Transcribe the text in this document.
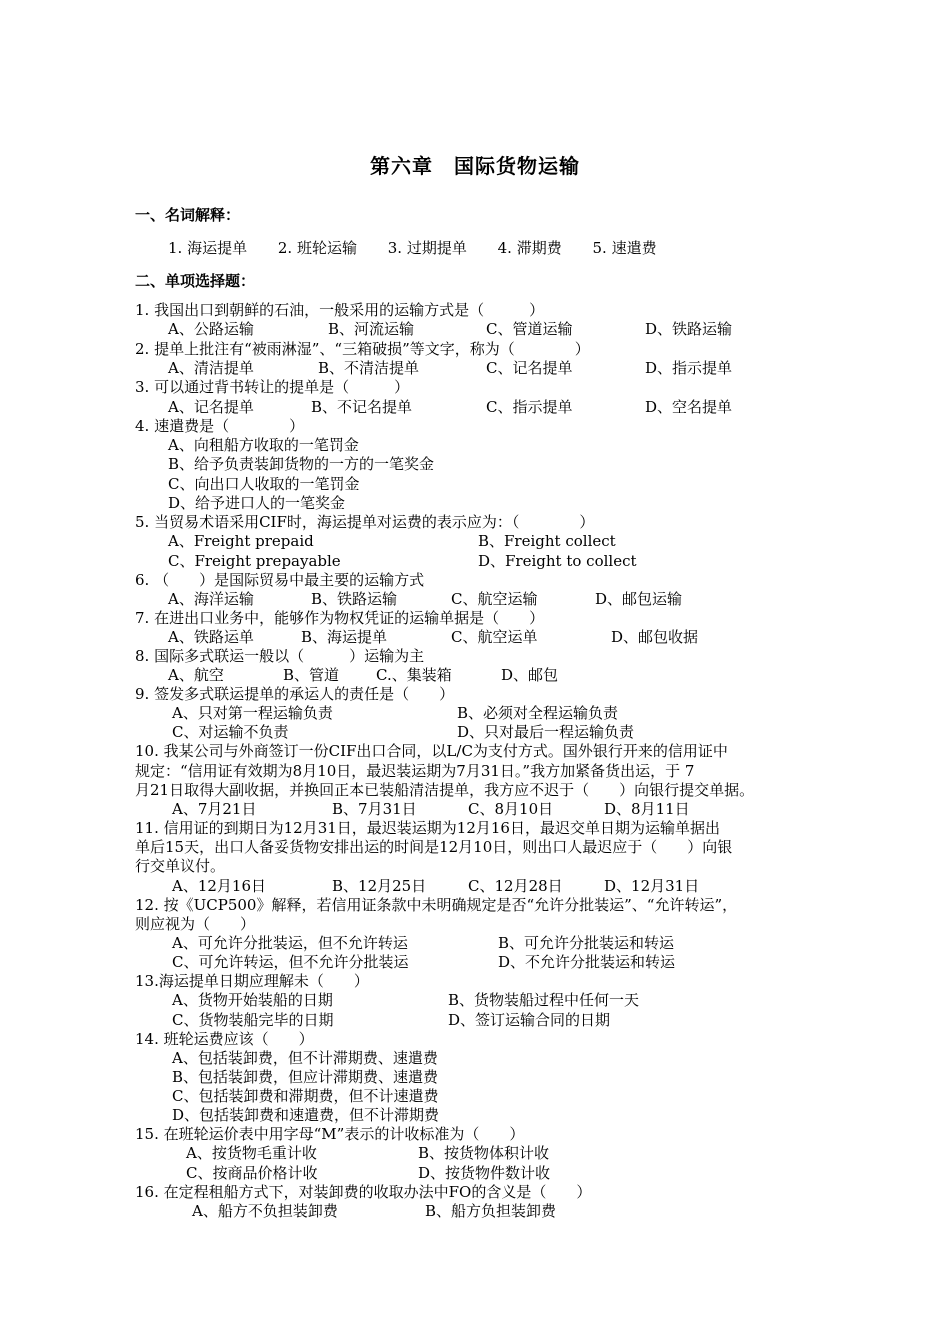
第六章　国际货物运输
一、名词解释：
1. 海运提单 2. 班轮运输 3. 过期提单 4. 滞期费 5. 速遣费
二、单项选择题：
1. 我国出口到朝鲜的石油，一般采用的运输方式是（　　　）
A、公路运输	B、河流运输	C、管道运输	D、铁路运输
2. 提单上批注有“被雨淋湿”、“三箱破损”等文字，称为（　　　　）
A、清洁提单	B、不清洁提单	C、记名提单	D、指示提单
3. 可以通过背书转让的提单是（　　　）
A、记名提单	B、不记名提单	C、指示提单	D、空名提单
4. 速遣费是（　　　　）
A、向租船方收取的一笔罚金
B、给予负责装卸货物的一方的一笔奖金
C、向出口人收取的一笔罚金
D、给予进口人的一笔奖金
5. 当贸易术语采用CIF时，海运提单对运费的表示应为：（　　　　）
A、Freight prepaid	B、Freight collect
C、Freight prepayable	D、Freight to collect
6. （　　）是国际贸易中最主要的运输方式
A、海洋运输	B、铁路运输	C、航空运输	D、邮包运输
7. 在进出口业务中，能够作为物权凭证的运输单据是（　　）
A、铁路运单	B、海运提单	C、航空运单	D、邮包收据
8. 国际多式联运一般以（　　　）运输为主
A、航空	B、管道 C.、集装箱	D、邮包
9. 签发多式联运提单的承运人的责任是（　　）
A、只对第一程运输负责	B、必须对全程运输负责
C、对运输不负责	D、只对最后一程运输负责
10. 我某公司与外商签订一份CIF出口合同，以L/C为支付方式。国外银行开来的信用证中
规定：“信用证有效期为8月10日，最迟装运期为7月31日。”我方加紧备货出运，于 7
月21日取得大副收据，并换回正本已装船清洁提单，我方应不迟于（　　）向银行提交单据。
A、7月21日	B、7月31日	C、8月10日	D、8月11日
11. 信用证的到期日为12月31日，最迟装运期为12月16日，最迟交单日期为运输单据出
单后15天，出口人备妥货物安排出运的时间是12月10日，则出口人最迟应于（　　）向银
行交单议付。
A、12月16日	B、12月25日	C、12月28日	D、12月31日
12. 按《UCP500》解释，若信用证条款中未明确规定是否“允许分批装运”、“允许转运”，
则应视为（　　）
A、可允许分批装运，但不允许转运	B、可允许分批装运和转运
C、可允许转运，但不允许分批装运	D、不允许分批装运和转运
13.海运提单日期应理解未（　　）
A、货物开始装船的日期	B、货物装船过程中任何一天
C、货物装船完毕的日期	D、签订运输合同的日期
14. 班轮运费应该（　　）
A、包括装卸费，但不计滞期费、速遣费
B、包括装卸费，但应计滞期费、速遣费
C、包括装卸费和滞期费，但不计速遣费
D、包括装卸费和速遣费，但不计滞期费
15. 在班轮运价表中用字母“M”表示的计收标准为（　　）
A、按货物毛重计收	B、按货物体积计收
C、按商品价格计收	D、按货物件数计收
16. 在定程租船方式下，对装卸费的收取办法中FO的含义是（　　）
A、船方不负担装卸费	B、船方负担装卸费
